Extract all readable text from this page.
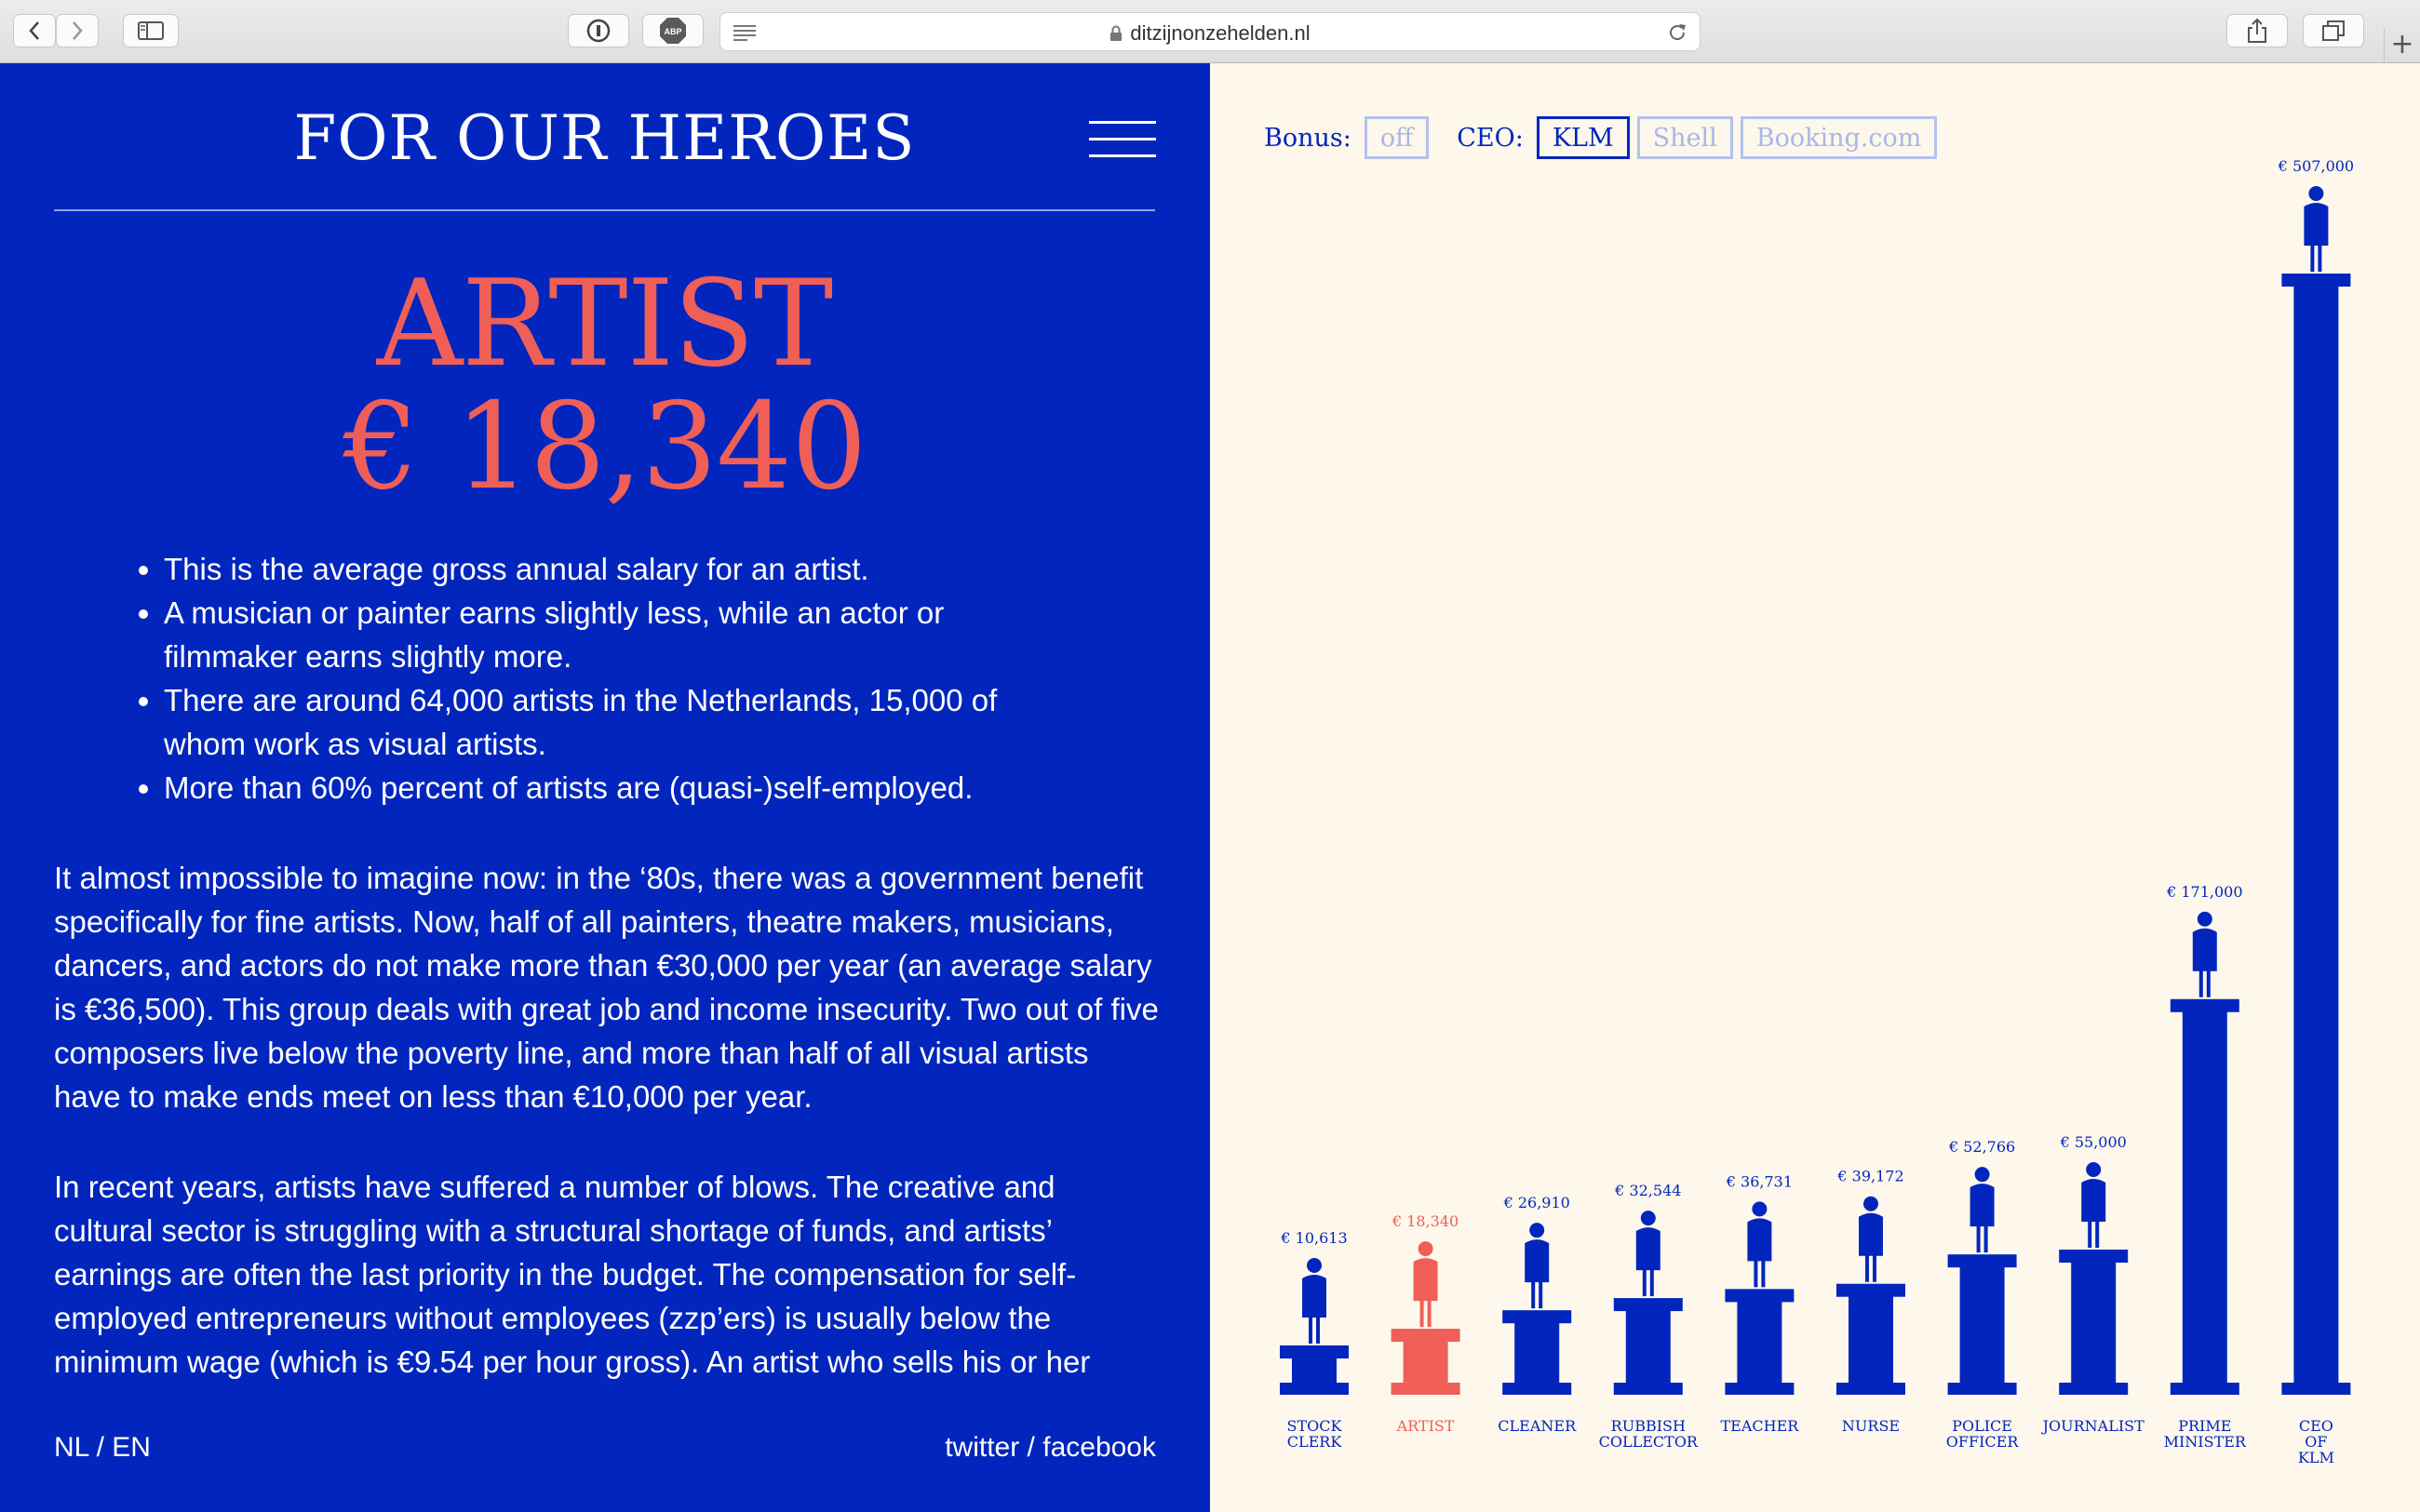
ABP	ditzijnonzehelden.nl	+
FOR OUR HEROES
ARTIST
€ 18,340
• This is the average gross annual salary for an artist.
• A musician or painter earns slightly less, while an actor or filmmaker earns slightly more.
• There are around 64,000 artists in the Netherlands, 15,000 of whom work as visual artists.
• More than 60% percent of artists are (quasi-)self-employed.

It almost impossible to imagine now: in the ‘80s, there was a government benefit specifically for fine artists. Now, half of all painters, theatre makers, musicians, dancers, and actors do not make more than €30,000 per year (an average salary is €36,500). This group deals with great job and income insecurity. Two out of five composers live below the poverty line, and more than half of all visual artists have to make ends meet on less than €10,000 per year.

In recent years, artists have suffered a number of blows. The creative and cultural sector is struggling with a structural shortage of funds, and artists’ earnings are often the last priority in the budget. The compensation for self-employed entrepreneurs without employees (zzp’ers) is usually below the minimum wage (which is €9.54 per hour gross). An artist who sells his or her

NL / EN	twitter / facebook
€ 10,613
STOCK
CLERK
€ 18,340
ARTIST
€ 26,910
CLEANER
€ 32,544
RUBBISH
COLLECTOR
€ 36,731
TEACHER
€ 39,172
NURSE
€ 52,766
POLICE
OFFICER
€ 55,000
JOURNALIST
€ 171,000
PRIME
MINISTER
€ 507,000
CEO
OF
KLM
Bonus:	off	CEO:	KLM	Shell	Booking.com
